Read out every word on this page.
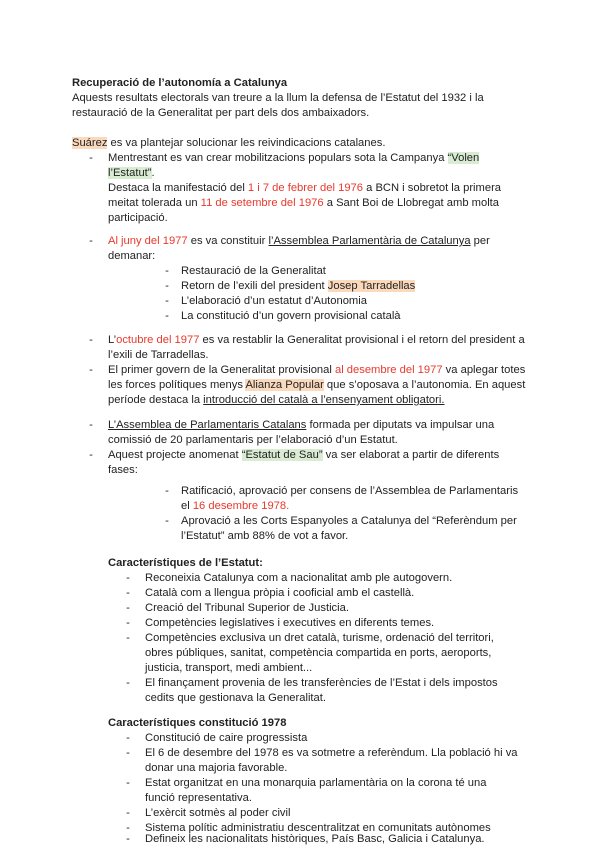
Recuperació de l’autonomía a Catalunya
Aquests resultats electorals van treure a la llum la defensa de l’Estatut del 1932 i la
restauració de la Generalitat per part dels dos ambaixadors.
Suárez es va plantejar solucionar les reivindicacions catalanes.
- Mentrestant es van crear mobilitzacions populars sota la Campanya “Volen
l’Estatut”.
Destaca la manifestació del 1 i 7 de febrer del 1976 a BCN i sobretot la primera
meitat tolerada un 11 de setembre del 1976 a Sant Boi de Llobregat amb molta
participació.
- Al juny del 1977 es va constituir l’Assemblea Parlamentària de Catalunya per
demanar:
- Restauració de la Generalitat
- Retorn de l’exili del president Josep Tarradellas
- L’elaboració d’un estatut d’Autonomia
- La constitució d’un govern provisional català
- L’octubre del 1977 es va restablir la Generalitat provisional i el retorn del president a
l’exili de Tarradellas.
- El primer govern de la Generalitat provisional al desembre del 1977 va aplegar totes
les forces polítiques menys Alianza Popular que s’oposava a l’autonomia. En aquest
període destaca la introducció del català a l’ensenyament obligatori.
- L’Assemblea de Parlamentaris Catalans formada per diputats va impulsar una
comissió de 20 parlamentaris per l’elaboració d’un Estatut.
- Aquest projecte anomenat “Estatut de Sau” va ser elaborat a partir de diferents
fases:
- Ratificació, aprovació per consens de l’Assemblea de Parlamentaris
el 16 desembre 1978.
- Aprovació a les Corts Espanyoles a Catalunya del “Referèndum per
l’Estatut” amb 88% de vot a favor.
Característiques de l’Estatut:
- Reconeixia Catalunya com a nacionalitat amb ple autogovern.
- Català com a llengua pròpia i cooficial amb el castellà.
- Creació del Tribunal Superior de Justicia.
- Competències legislatives i executives en diferents temes.
- Competències exclusiva un dret català, turisme, ordenació del territori,
obres públiques, sanitat, competència compartida en ports, aeroports,
justicia, transport, medi ambient...
- El finançament provenia de les transferències de l’Estat i dels impostos
cedits que gestionava la Generalitat.
Característiques constitució 1978
- Constitució de caire progressista
- El 6 de desembre del 1978 es va sotmetre a referèndum. Lla població hi va
donar una majoria favorable.
- Estat organitzat en una monarquia parlamentària on la corona té una
funció representativa.
- L’exèrcit sotmès al poder civil
- Sistema polític administratiu descentralitzat en comunitats autònomes
- Defineix les nacionalitats històriques, País Basc, Galicia i Catalunya.
